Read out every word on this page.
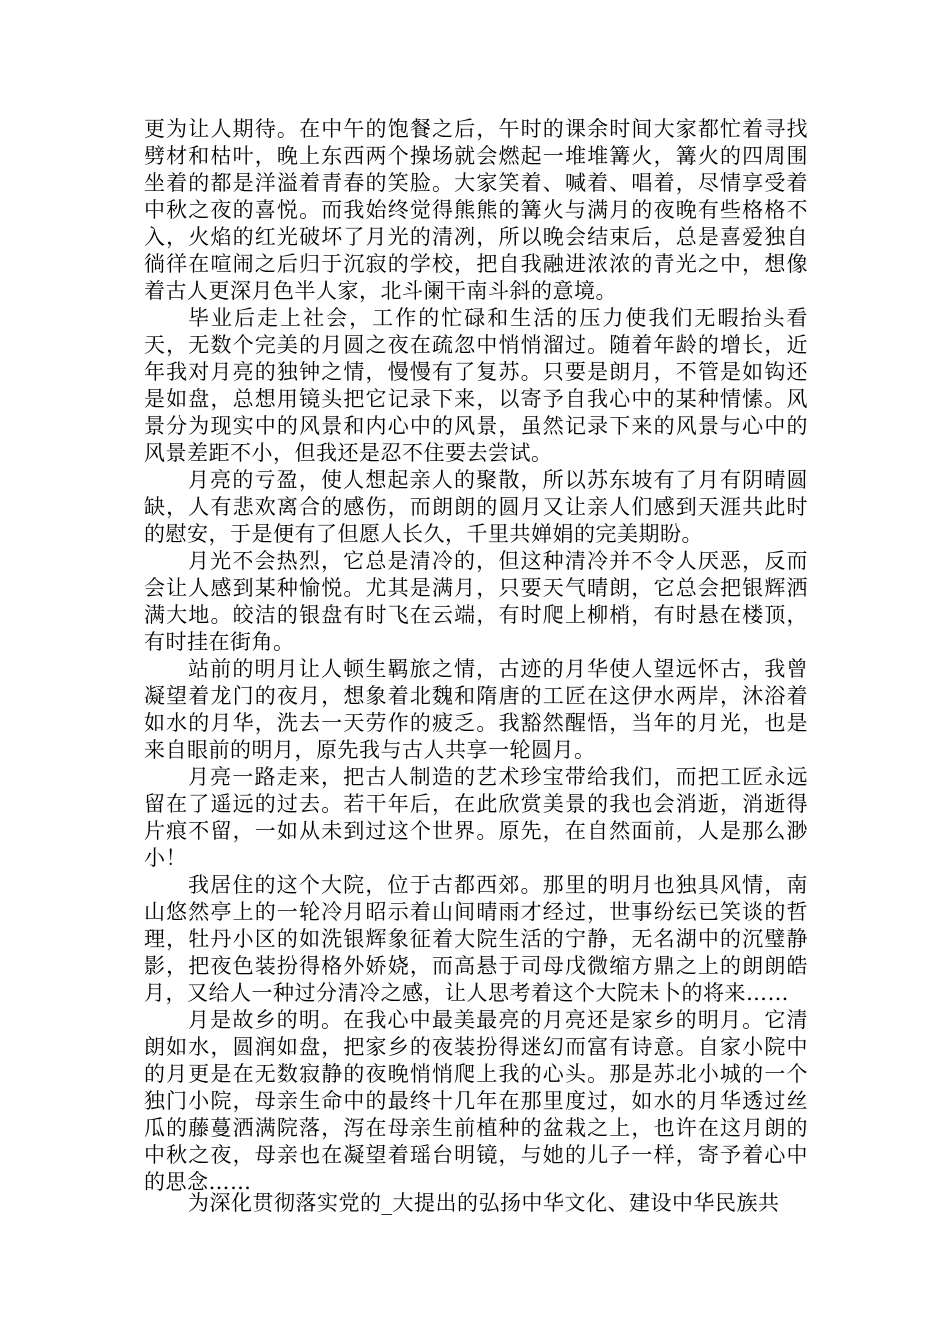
更为让人期待。在中午的饱餐之后，午时的课余时间大家都忙着寻找劈材和枯叶，晚上东西两个操场就会燃起一堆堆篝火，篝火的四周围坐着的都是洋溢着青春的笑脸。大家笑着、喊着、唱着，尽情享受着中秋之夜的喜悦。而我始终觉得熊熊的篝火与满月的夜晚有些格格不入，火焰的红光破坏了月光的清冽，所以晚会结束后，总是喜爱独自徜徉在喧闹之后归于沉寂的学校，把自我融进浓浓的青光之中，想像着古人更深月色半人家，北斗阑干南斗斜的意境。

毕业后走上社会，工作的忙碌和生活的压力使我们无暇抬头看天，无数个完美的月圆之夜在疏忽中悄悄溜过。随着年龄的增长，近年我对月亮的独钟之情，慢慢有了复苏。只要是朗月，不管是如钩还是如盘，总想用镜头把它记录下来，以寄予自我心中的某种情愫。风景分为现实中的风景和内心中的风景，虽然记录下来的风景与心中的风景差距不小，但我还是忍不住要去尝试。

月亮的亏盈，使人想起亲人的聚散，所以苏东坡有了月有阴晴圆缺，人有悲欢离合的感伤，而朗朗的圆月又让亲人们感到天涯共此时的慰安，于是便有了但愿人长久，千里共婵娟的完美期盼。

月光不会热烈，它总是清冷的，但这种清冷并不令人厌恶，反而会让人感到某种愉悦。尤其是满月，只要天气晴朗，它总会把银辉洒满大地。皎洁的银盘有时飞在云端，有时爬上柳梢，有时悬在楼顶，有时挂在街角。

站前的明月让人顿生羁旅之情，古迹的月华使人望远怀古，我曾凝望着龙门的夜月，想象着北魏和隋唐的工匠在这伊水两岸，沐浴着如水的月华，洗去一天劳作的疲乏。我豁然醒悟，当年的月光，也是来自眼前的明月，原先我与古人共享一轮圆月。

月亮一路走来，把古人制造的艺术珍宝带给我们，而把工匠永远留在了遥远的过去。若干年后，在此欣赏美景的我也会消逝，消逝得片痕不留，一如从未到过这个世界。原先，在自然面前，人是那么渺小！

我居住的这个大院，位于古都西郊。那里的明月也独具风情，南山悠然亭上的一轮冷月昭示着山间晴雨才经过，世事纷纭已笑谈的哲理，牡丹小区的如洗银辉象征着大院生活的宁静，无名湖中的沉璧静影，把夜色装扮得格外娇娆，而高悬于司母戊微缩方鼎之上的朗朗皓月，又给人一种过分清冷之感，让人思考着这个大院未卜的将来……

月是故乡的明。在我心中最美最亮的月亮还是家乡的明月。它清朗如水，圆润如盘，把家乡的夜装扮得迷幻而富有诗意。自家小院中的月更是在无数寂静的夜晚悄悄爬上我的心头。那是苏北小城的一个独门小院，母亲生命中的最终十几年在那里度过，如水的月华透过丝瓜的藤蔓洒满院落，泻在母亲生前植种的盆栽之上，也许在这月朗的中秋之夜，母亲也在凝望着瑶台明镜，与她的儿子一样，寄予着心中的思念……

为深化贯彻落实党的_大提出的弘扬中华文化、建设中华民族共
